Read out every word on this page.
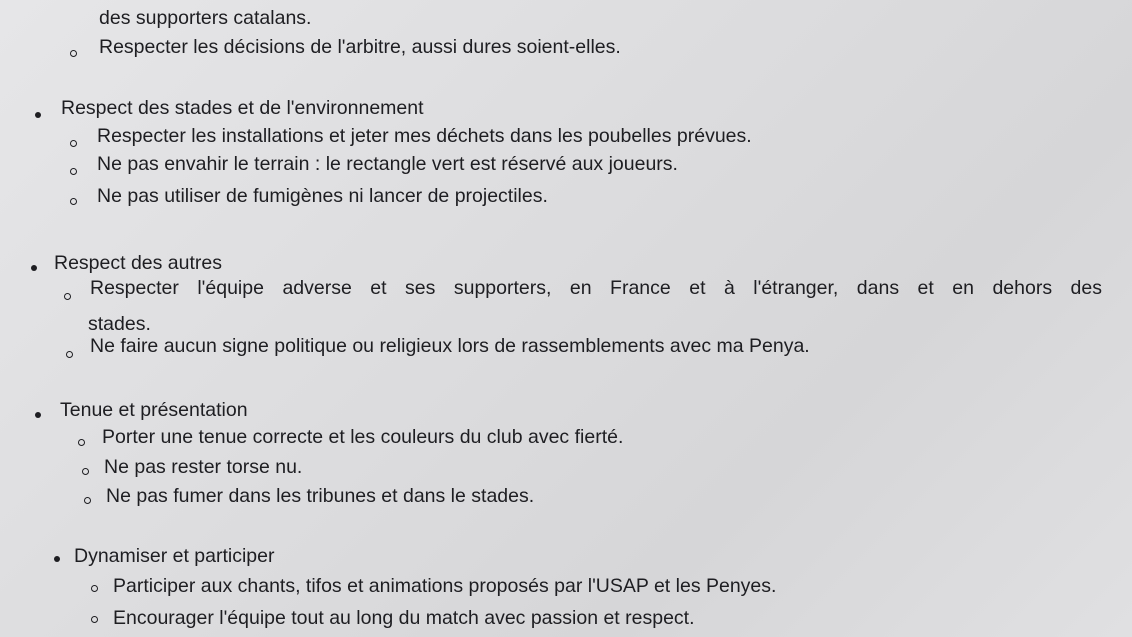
des supporters catalans.
Respecter les décisions de l'arbitre, aussi dures soient-elles.
Respect des stades et de l'environnement
Respecter les installations et jeter mes déchets dans les poubelles prévues.
Ne pas envahir le terrain : le rectangle vert est réservé aux joueurs.
Ne pas utiliser de fumigènes ni lancer de projectiles.
Respect des autres
Respecter l'équipe adverse et ses supporters, en France et à l'étranger, dans et en dehors des
stades.
Ne faire aucun signe politique ou religieux lors de rassemblements avec ma Penya.
Tenue et présentation
Porter une tenue correcte et les couleurs du club avec fierté.
Ne pas rester torse nu.
Ne pas fumer dans les tribunes et dans le stades.
Dynamiser et participer
Participer aux chants, tifos et animations proposés par l'USAP et les Penyes.
Encourager l'équipe tout au long du match avec passion et respect.
